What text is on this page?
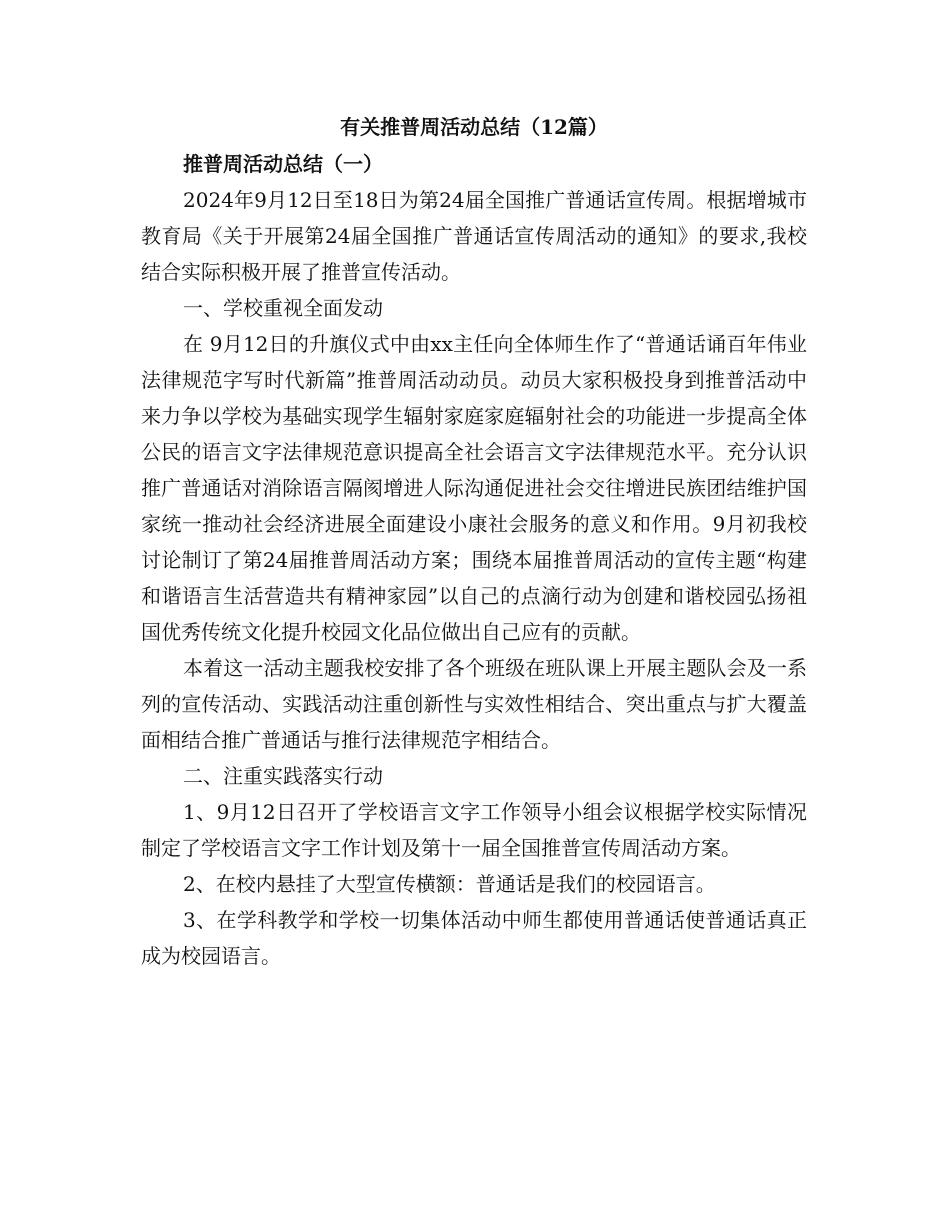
有关推普周活动总结（12篇）
推普周活动总结（一）

2024年9月12日至18日为第24届全国推广普通话宣传周。根据增城市教育局《关于开展第24届全国推广普通话宣传周活动的通知》的要求,我校结合实际积极开展了推普宣传活动。

一、学校重视全面发动

在 9月12日的升旗仪式中由xx主任向全体师生作了“普通话诵百年伟业 法律规范字写时代新篇”推普周活动动员。动员大家积极投身到推普活动中来力争以学校为基础实现学生辐射家庭家庭辐射社会的功能进一步提高全体公民的语言文字法律规范意识提高全社会语言文字法律规范水平。充分认识推广普通话对消除语言隔阂增进人际沟通促进社会交往增进民族团结维护国家统一推动社会经济进展全面建设小康社会服务的意义和作用。9月初我校讨论制订了第24届推普周活动方案；围绕本届推普周活动的宣传主题“构建和谐语言生活营造共有精神家园”以自己的点滴行动为创建和谐校园弘扬祖国优秀传统文化提升校园文化品位做出自己应有的贡献。

本着这一活动主题我校安排了各个班级在班队课上开展主题队会及一系列的宣传活动、实践活动注重创新性与实效性相结合、突出重点与扩大覆盖面相结合推广普通话与推行法律规范字相结合。

二、注重实践落实行动

1、9月12日召开了学校语言文字工作领导小组会议根据学校实际情况制定了学校语言文字工作计划及第十一届全国推普宣传周活动方案。

2、在校内悬挂了大型宣传横额：普通话是我们的校园语言。

3、在学科教学和学校一切集体活动中师生都使用普通话使普通话真正成为校园语言。
